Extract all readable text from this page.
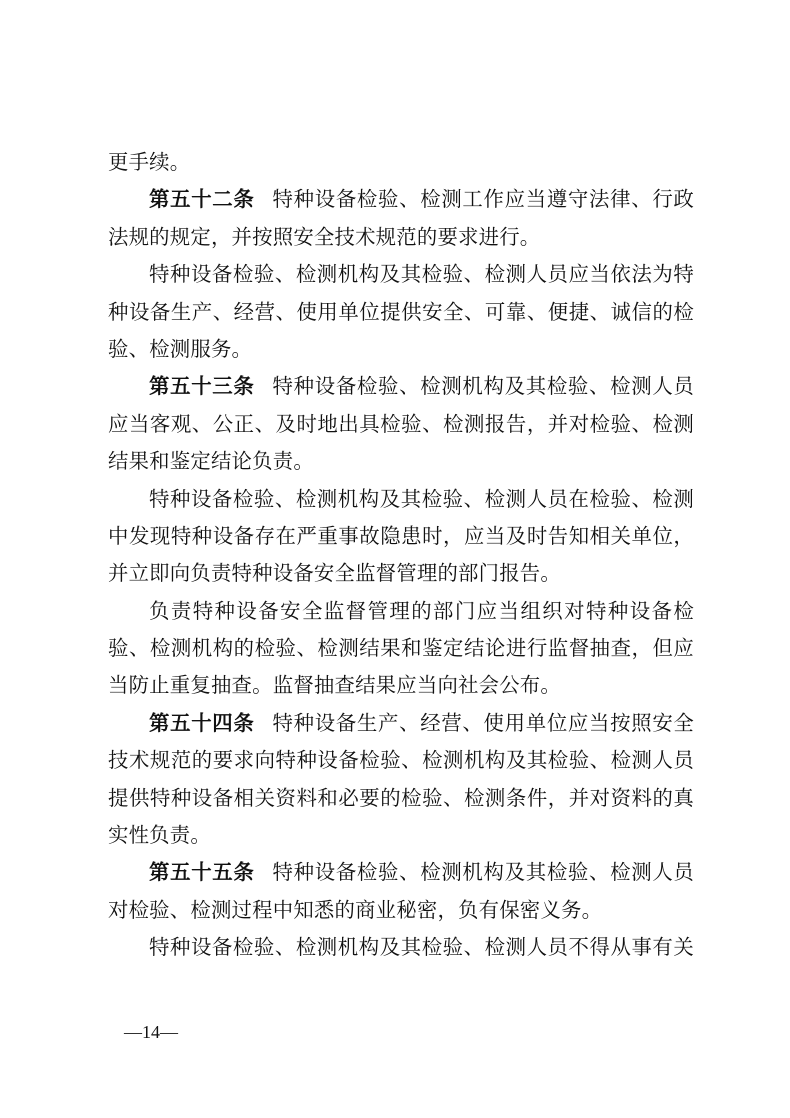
更手续。
第五十二条 特种设备检验、检测工作应当遵守法律、行政
法规的规定，并按照安全技术规范的要求进行。
特种设备检验、检测机构及其检验、检测人员应当依法为特
种设备生产、经营、使用单位提供安全、可靠、便捷、诚信的检
验、检测服务。
第五十三条 特种设备检验、检测机构及其检验、检测人员
应当客观、公正、及时地出具检验、检测报告，并对检验、检测
结果和鉴定结论负责。
特种设备检验、检测机构及其检验、检测人员在检验、检测
中发现特种设备存在严重事故隐患时，应当及时告知相关单位，
并立即向负责特种设备安全监督管理的部门报告。
负责特种设备安全监督管理的部门应当组织对特种设备检
验、检测机构的检验、检测结果和鉴定结论进行监督抽查，但应
当防止重复抽查。监督抽查结果应当向社会公布。
第五十四条 特种设备生产、经营、使用单位应当按照安全
技术规范的要求向特种设备检验、检测机构及其检验、检测人员
提供特种设备相关资料和必要的检验、检测条件，并对资料的真
实性负责。
第五十五条 特种设备检验、检测机构及其检验、检测人员
对检验、检测过程中知悉的商业秘密，负有保密义务。
特种设备检验、检测机构及其检验、检测人员不得从事有关
—14—
